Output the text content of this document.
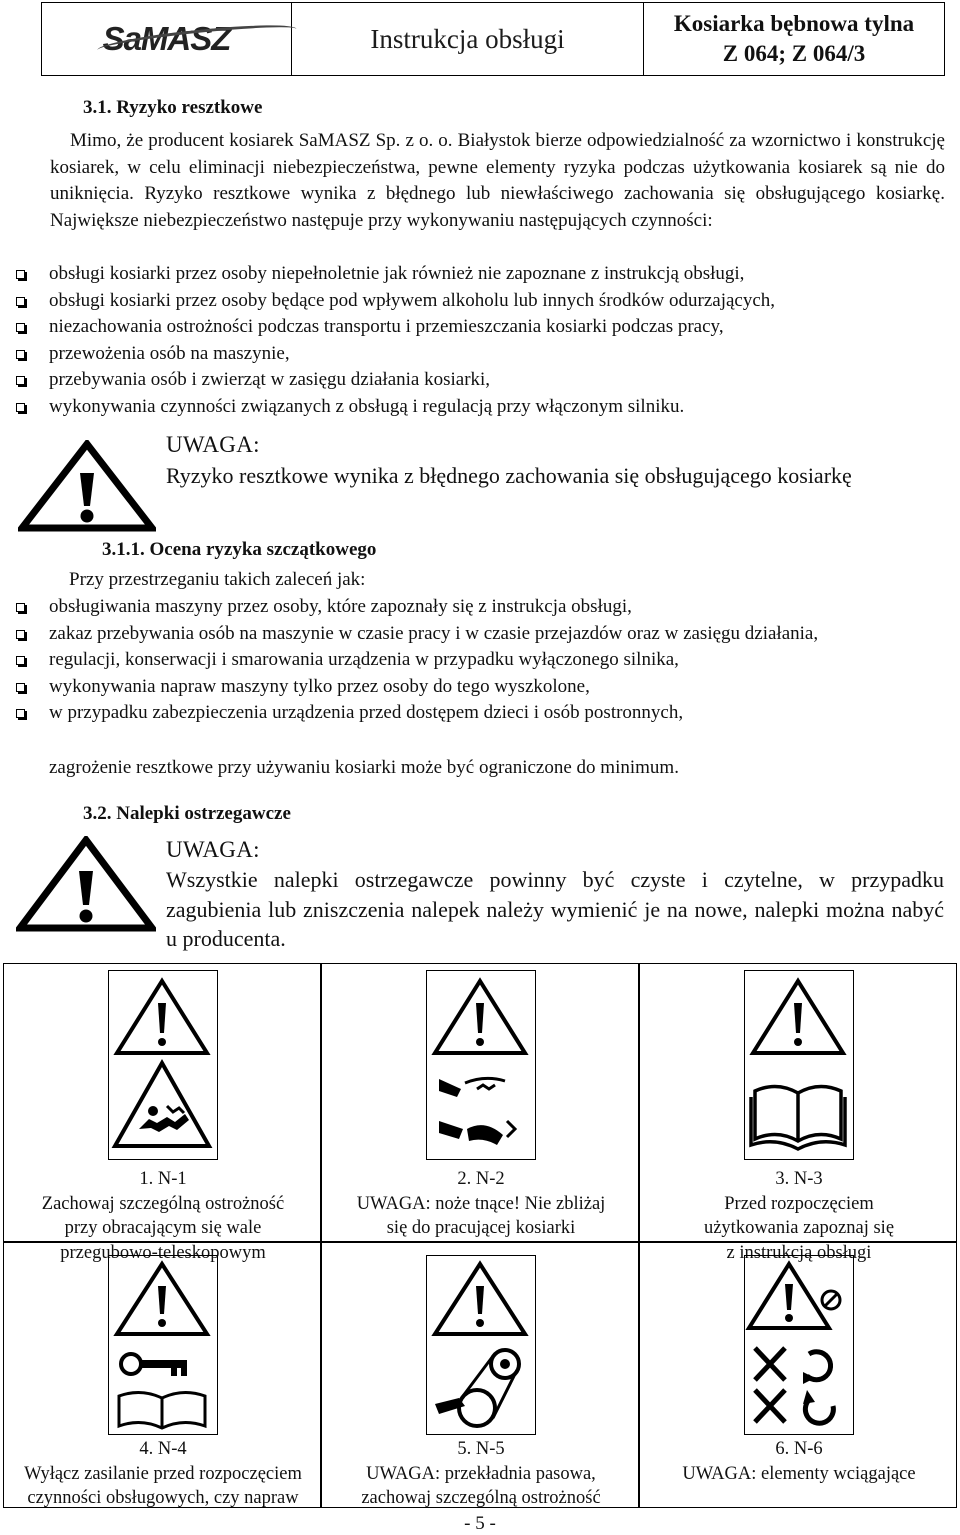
SaMASZ	Instrukcja obsługi	Kosiarka bębnowa tylna
Z 064; Z 064/3
3.1. Ryzyko resztkowe
Mimo, że producent kosiarek SaMASZ Sp. z o. o. Białystok bierze odpowiedzialność za wzornictwo i konstrukcję kosiarek, w celu eliminacji niebezpieczeństwa, pewne elementy ryzyka podczas użytkowania kosiarek są nie do uniknięcia. Ryzyko resztkowe wynika z błędnego lub niewłaściwego zachowania się obsługującego kosiarkę. Największe niebezpieczeństwo następuje przy wykonywaniu następujących czynności:
obsługi kosiarki przez osoby niepełnoletnie jak również nie zapoznane z instrukcją obsługi,
obsługi kosiarki przez osoby będące pod wpływem alkoholu lub innych środków odurzających,
niezachowania ostrożności podczas transportu i przemieszczania kosiarki podczas pracy,
przewożenia osób na maszynie,
przebywania osób i zwierząt w zasięgu działania kosiarki,
wykonywania czynności związanych z obsługą i regulacją przy włączonym silniku.
UWAGA:
Ryzyko resztkowe wynika z błędnego zachowania się obsługującego kosiarkę
3.1.1. Ocena ryzyka szczątkowego
Przy przestrzeganiu takich zaleceń jak:
obsługiwania maszyny przez osoby, które zapoznały się z instrukcja obsługi,
zakaz przebywania osób na maszynie w czasie pracy i w czasie przejazdów oraz w zasięgu działania,
regulacji, konserwacji i smarowania urządzenia w przypadku wyłączonego silnika,
wykonywania napraw maszyny tylko przez osoby do tego wyszkolone,
w przypadku zabezpieczenia urządzenia przed dostępem dzieci i osób postronnych,
zagrożenie resztkowe przy używaniu kosiarki może być ograniczone do minimum.
3.2. Nalepki ostrzegawcze
UWAGA:
Wszystkie nalepki ostrzegawcze powinny być czyste i czytelne, w przypadku zagubienia lub zniszczenia nalepek należy wymienić je na nowe, nalepki można nabyć u producenta.
1. N-1
Zachowaj szczególną ostrożność
przy obracającym się wale
przegubowo-teleskopowym
2. N-2
UWAGA: noże tnące! Nie zbliżaj
się do pracującej kosiarki
3. N-3
Przed rozpoczęciem
użytkowania zapoznaj się
z instrukcją obsługi
4. N-4
Wyłącz zasilanie przed rozpoczęciem
czynności obsługowych, czy napraw
5. N-5
UWAGA: przekładnia pasowa,
zachowaj szczególną ostrożność
6. N-6
UWAGA: elementy wciągające
- 5 -
